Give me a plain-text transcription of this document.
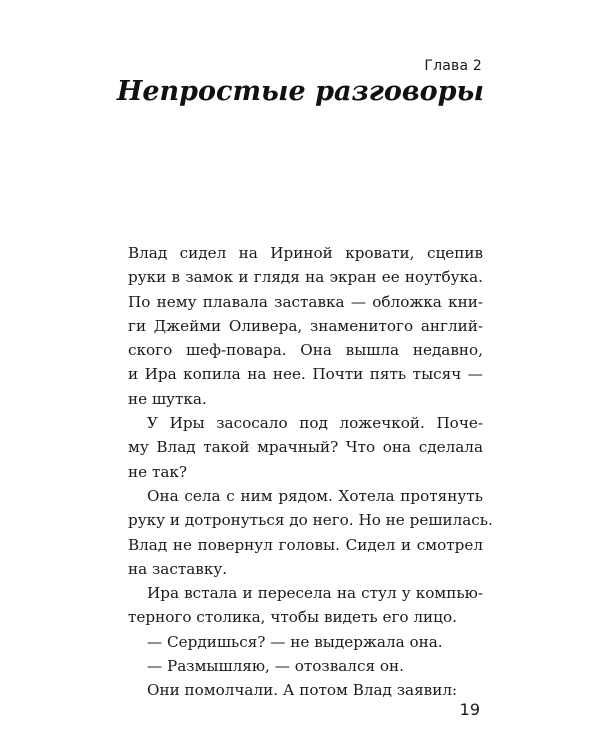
Глава 2
Непростые разговоры
Влад сидел на Ириной кровати, сцепив
руки в замок и глядя на экран ее ноутбука.
По нему плавала заставка — обложка кни-
ги Джейми Оливера, знаменитого англий-
ского шеф-повара. Она вышла недавно,
и Ира копила на нее. Почти пять тысяч —
не шутка.
У Иры засосало под ложечкой. Поче-
му Влад такой мрачный? Что она сделала
не так?
Она села с ним рядом. Хотела протянуть
руку и дотронуться до него. Но не решилась.
Влад не повернул головы. Сидел и смотрел
на заставку.
Ира встала и пересела на стул у компью-
терного столика, чтобы видеть его лицо.
— Сердишься? — не выдержала она.
— Размышляю, — отозвался он.
Они помолчали. А потом Влад заявил:
19
